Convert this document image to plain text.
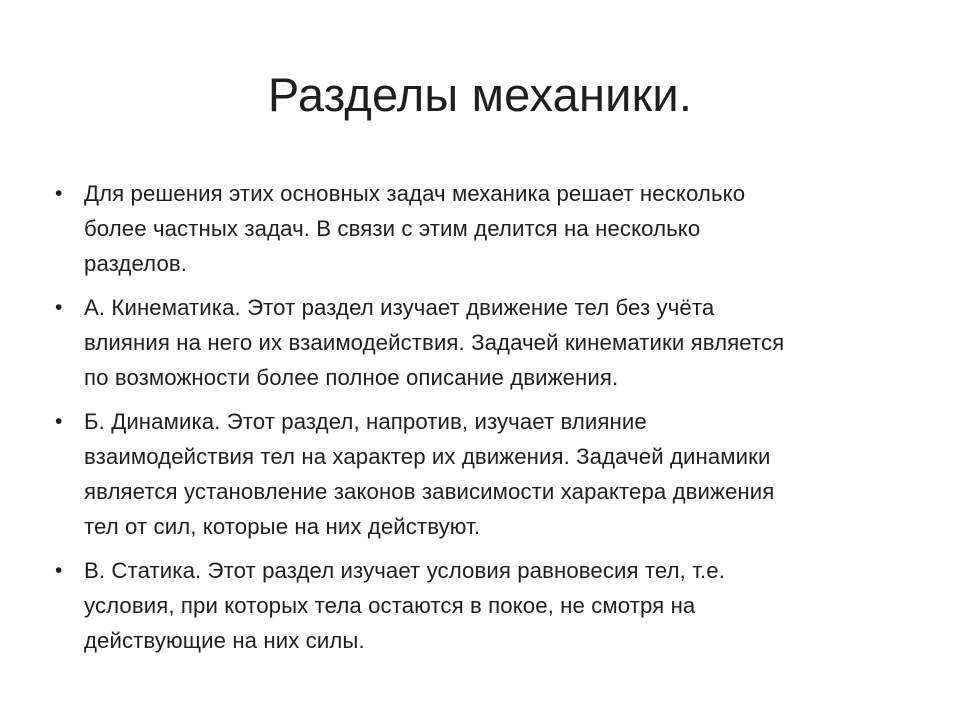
Разделы механики.
• Для решения этих основных задач механика решает несколько
более частных задач. В связи с этим делится на несколько
разделов.
• А. Кинематика. Этот раздел изучает движение тел без учёта
влияния на него их взаимодействия. Задачей кинематики является
по возможности более полное описание движения.
• Б. Динамика. Этот раздел, напротив, изучает влияние
взаимодействия тел на характер их движения. Задачей динамики
является установление законов зависимости характера движения
тел от сил, которые на них действуют.
• В. Статика. Этот раздел изучает условия равновесия тел, т.е.
условия, при которых тела остаются в покое, не смотря на
действующие на них силы.
